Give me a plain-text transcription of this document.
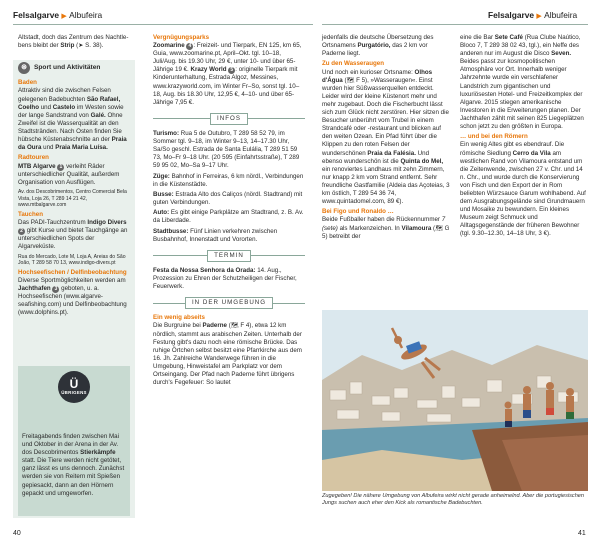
Felsalgarve ▶ Albufeira

Altstadt, doch das Zentrum des Nachtle- bens bleibt der Strip (➤ S. 38).

⊛	Sport und Aktivitäten
Baden

Attraktiv sind die zwischen Felsen gelegenen Badebuchten São Rafael, Coelho und Castelo im Westen sowie der lange Sandstrand von Galé. Ohne Zweifel ist die Wasserqualität an den Stadtstränden. Nach Osten finden Sie hübsche Küstenabschnitte an der Praia da Oura und Praia Maria Luísa.

Radtouren

MTB Algarve 1 verleiht Räder unterschiedlicher Qualität, außerdem Organisation von Ausflügen.

Av. dos Descobrimentos, Centro Comercial Bela Vista, Loja 26, T 289 14 21 42, www.mtbalgarve.com

Tauchen

Das PADI-Tauchzentrum Indigo Divers 2 gibt Kurse und bietet Tauchgänge an unterschiedlichen Spots der Algarveküste.

Rua do Mercado, Lote M, Loja A, Areias do São João, T 289 58 70 13, www.indigo-divers.pt

Hochseefischen / Delfinbeobachtung

Diverse Sportmöglichkeiten werden am Jachthafen 3 geboten, u. a. Hochseefischen (www.algarve-seafishing.com) und Delfinbeobachtung (www.dolphins.pt).

Ü
ÜBRIGENS
Freitagabends finden zwischen Mai und Oktober in der Arena in der Av. dos Descobrimentos Stierkämpfe statt. Die Tiere werden nicht getötet, ganz lässt es uns dennoch. Zunächst werden sie von Reitern mit Spießen gepiesackt, dann an den Hörnern gepackt und umgeworfen.
Vergnügungsparks

Zoomarine 4 : Freizeit- und Tierpark, EN 125, km 65, Guia, www.zoomarine.pt, April–Okt. tgl. 10–18, Juli/Aug. bis 19.30 Uhr, 29 €, unter 10- und über 65-Jährige 19 €. Krazy World 5 : originelle Tierpark mit Kinderunterhaltung, Estrada Algoz, Messines, www.krazyworld.com, im Winter Fr–So, sonst tgl. 10–18, Aug. bis 18.30 Uhr, 12,95 €, 4–10- und über 65-Jährige 7,95 €.

INFOS

Turismo: Rua 5 de Outubro, T 289 58 52 79, im Sommer tgl. 9–18, im Winter 9–13, 14–17.30 Uhr, Sa/So geschl. Estrada de Santa Eulália, T 289 51 59 73, Mo–Fr 9–18 Uhr. (20 595 (Einfahrtsstraße), T 289 59 95 02, Mo–Sa 9–17 Uhr.

Züge: Bahnhof in Ferreiras, 6 km nördl., Verbindungen in die Küstenstädte.

Busse: Estrada Alto dos Caliços (nördl. Stadtrand) mit guten Verbindungen.

Auto: Es gibt einige Parkplätze am Stadtrand, z. B. Av. da Liberdade.

Stadtbusse: Fünf Linien verkehren zwischen Busbahnhof, Innenstadt und Vororten.

TERMIN

Festa da Nossa Senhora da Orada: 14. Aug., Prozession zu Ehren der Schutzheiligen der Fischer, Feuerwerk.

IN DER UMGEBUNG
Ein wenig abseits

Die Burgruine bei Paderne (🗺 F 4), etwa 12 km nördlich, stammt aus arabischen Zeiten. Unterhalb der Festung gibt's dazu noch eine römische Brücke. Das ruhige Örtchen selbst besitzt eine Pfarrkirche aus dem 16. Jh. Zahlreiche Wanderwege führen in die Umgebung, Hinweistafel am Parkplatz vor dem Ortseingang. Der Pfad nach Paderne führt übrigens durch's Fegefeuer: So lautet

40
Felsalgarve ▶ Albufeira

jedenfalls die deutsche Übersetzung des Ortsnamens Purgatório, das 2 km vor Paderne liegt.

Zu den Wasseraugen

Und noch ein kurioser Ortsname: Olhos d'Água (🗺 F 5), »Wasseraugen«. Einst wurden hier Süßwasserquellen entdeckt. Leider wird der kleine Küstenort mehr und mehr zugebaut. Doch die Fischerbucht lässt sich zum Glück nicht zerstören. Hier sitzen die Besucher unberührt vom Trubel in einem Strandcafé oder -restaurant und blicken auf den weiten Ozean. Ein Pfad führt über die Klippen zu den roten Felsen der wunderschönen Praia da Falésia. Und ebenso wunderschön ist die Quinta do Mel, ein renoviertes Landhaus mit zehn Zimmern, nur knapp 2 km vom Strand entfernt. Sehr freundliche Gastfamilie (Aldeia das Açoteias, 3 km östlich, T 289 54 36 74, www.quintadomel.com, 89 €).

Bei Figo und Ronaldo …

Beide Fußballer haben die Rückennummer 7 (sete) als Markenzeichen. In Vilamoura (🗺 G 5) betreibt der

eine die Bar Sete Café (Rua Clube Naútico, Bloco 7, T 289 38 02 43, tgl.), ein Neffe des anderen nur im August die Disco Seven. Beides passt zur kosmopolitischen Atmosphäre vor Ort. Innerhalb weniger Jahrzehnte wurde ein verschlafener Landstrich zum gigantischen und luxuriösesten Hotel- und Freizeitkomplex der Algarve. 2015 stiegen amerikanische Investoren in die Erweiterungen planen. Der Jachthafen zählt mit seinen 825 Liegeplätzen schon jetzt zu den größten in Europa.

… und bei den Römern

Ein wenig Altes gibt es ebendrauf. Die römische Siedlung Cerro da Vila am westlichen Rand von Vilamoura entstand um die Zeitenwende, zwischen 27 v. Chr. und 14 n. Chr., und wurde durch die Konservierung von Fisch und den Export der in Rom beliebten Würzsauce Garum wohlhabend. Auf dem Ausgrabungsgelände sind Grundmauern und Mosaike zu bewundern. Ein kleines Museum zeigt Schmuck und Alltagsgegenstände der früheren Bewohner (tgl. 9.30–12.30, 14–18 Uhr, 3 €).

Zugegeben! Die nähere Umgebung von Albufeira wirkt nicht gerade anheimelnd. Aber die portugiesischen Jungs suchen auch eher den Kick als romantische Badebuchten.
41
